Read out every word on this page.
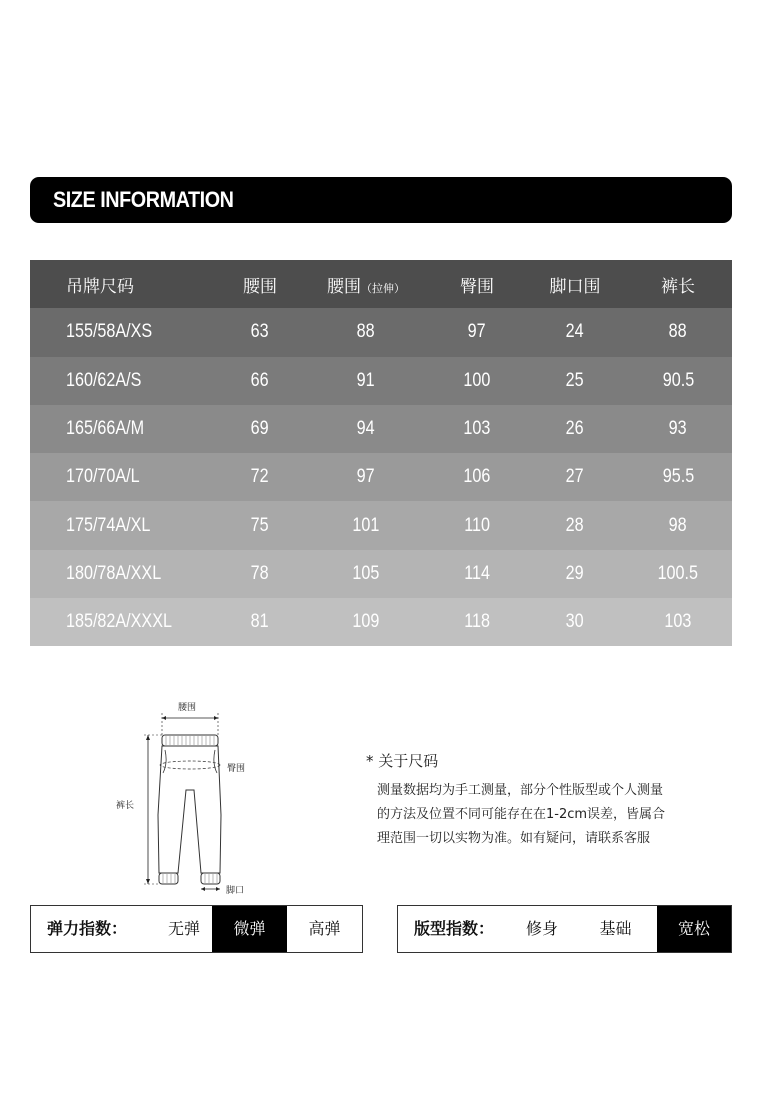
SIZE INFORMATION
吊牌尺码	腰围	腰围（拉伸）	臀围	脚口围	裤长
155/58A/XS	63	88	97	24	88
160/62A/S	66	91	100	25	90.5
165/66A/M	69	94	103	26	93
170/70A/L	72	97	106	27	95.5
175/74A/XL	75	101	110	28	98
180/78A/XXL	78	105	114	29	100.5
185/82A/XXXL	81	109	118	30	103
腰围
臀围
裤长
脚口
* 关于尺码
测量数据均为手工测量，部分个性版型或个人测量
的方法及位置不同可能存在在1-2cm误差，皆属合
理范围一切以实物为准。如有疑问，请联系客服
弹力指数：	无弹	微弹	高弹	版型指数：	修身	基础	宽松
